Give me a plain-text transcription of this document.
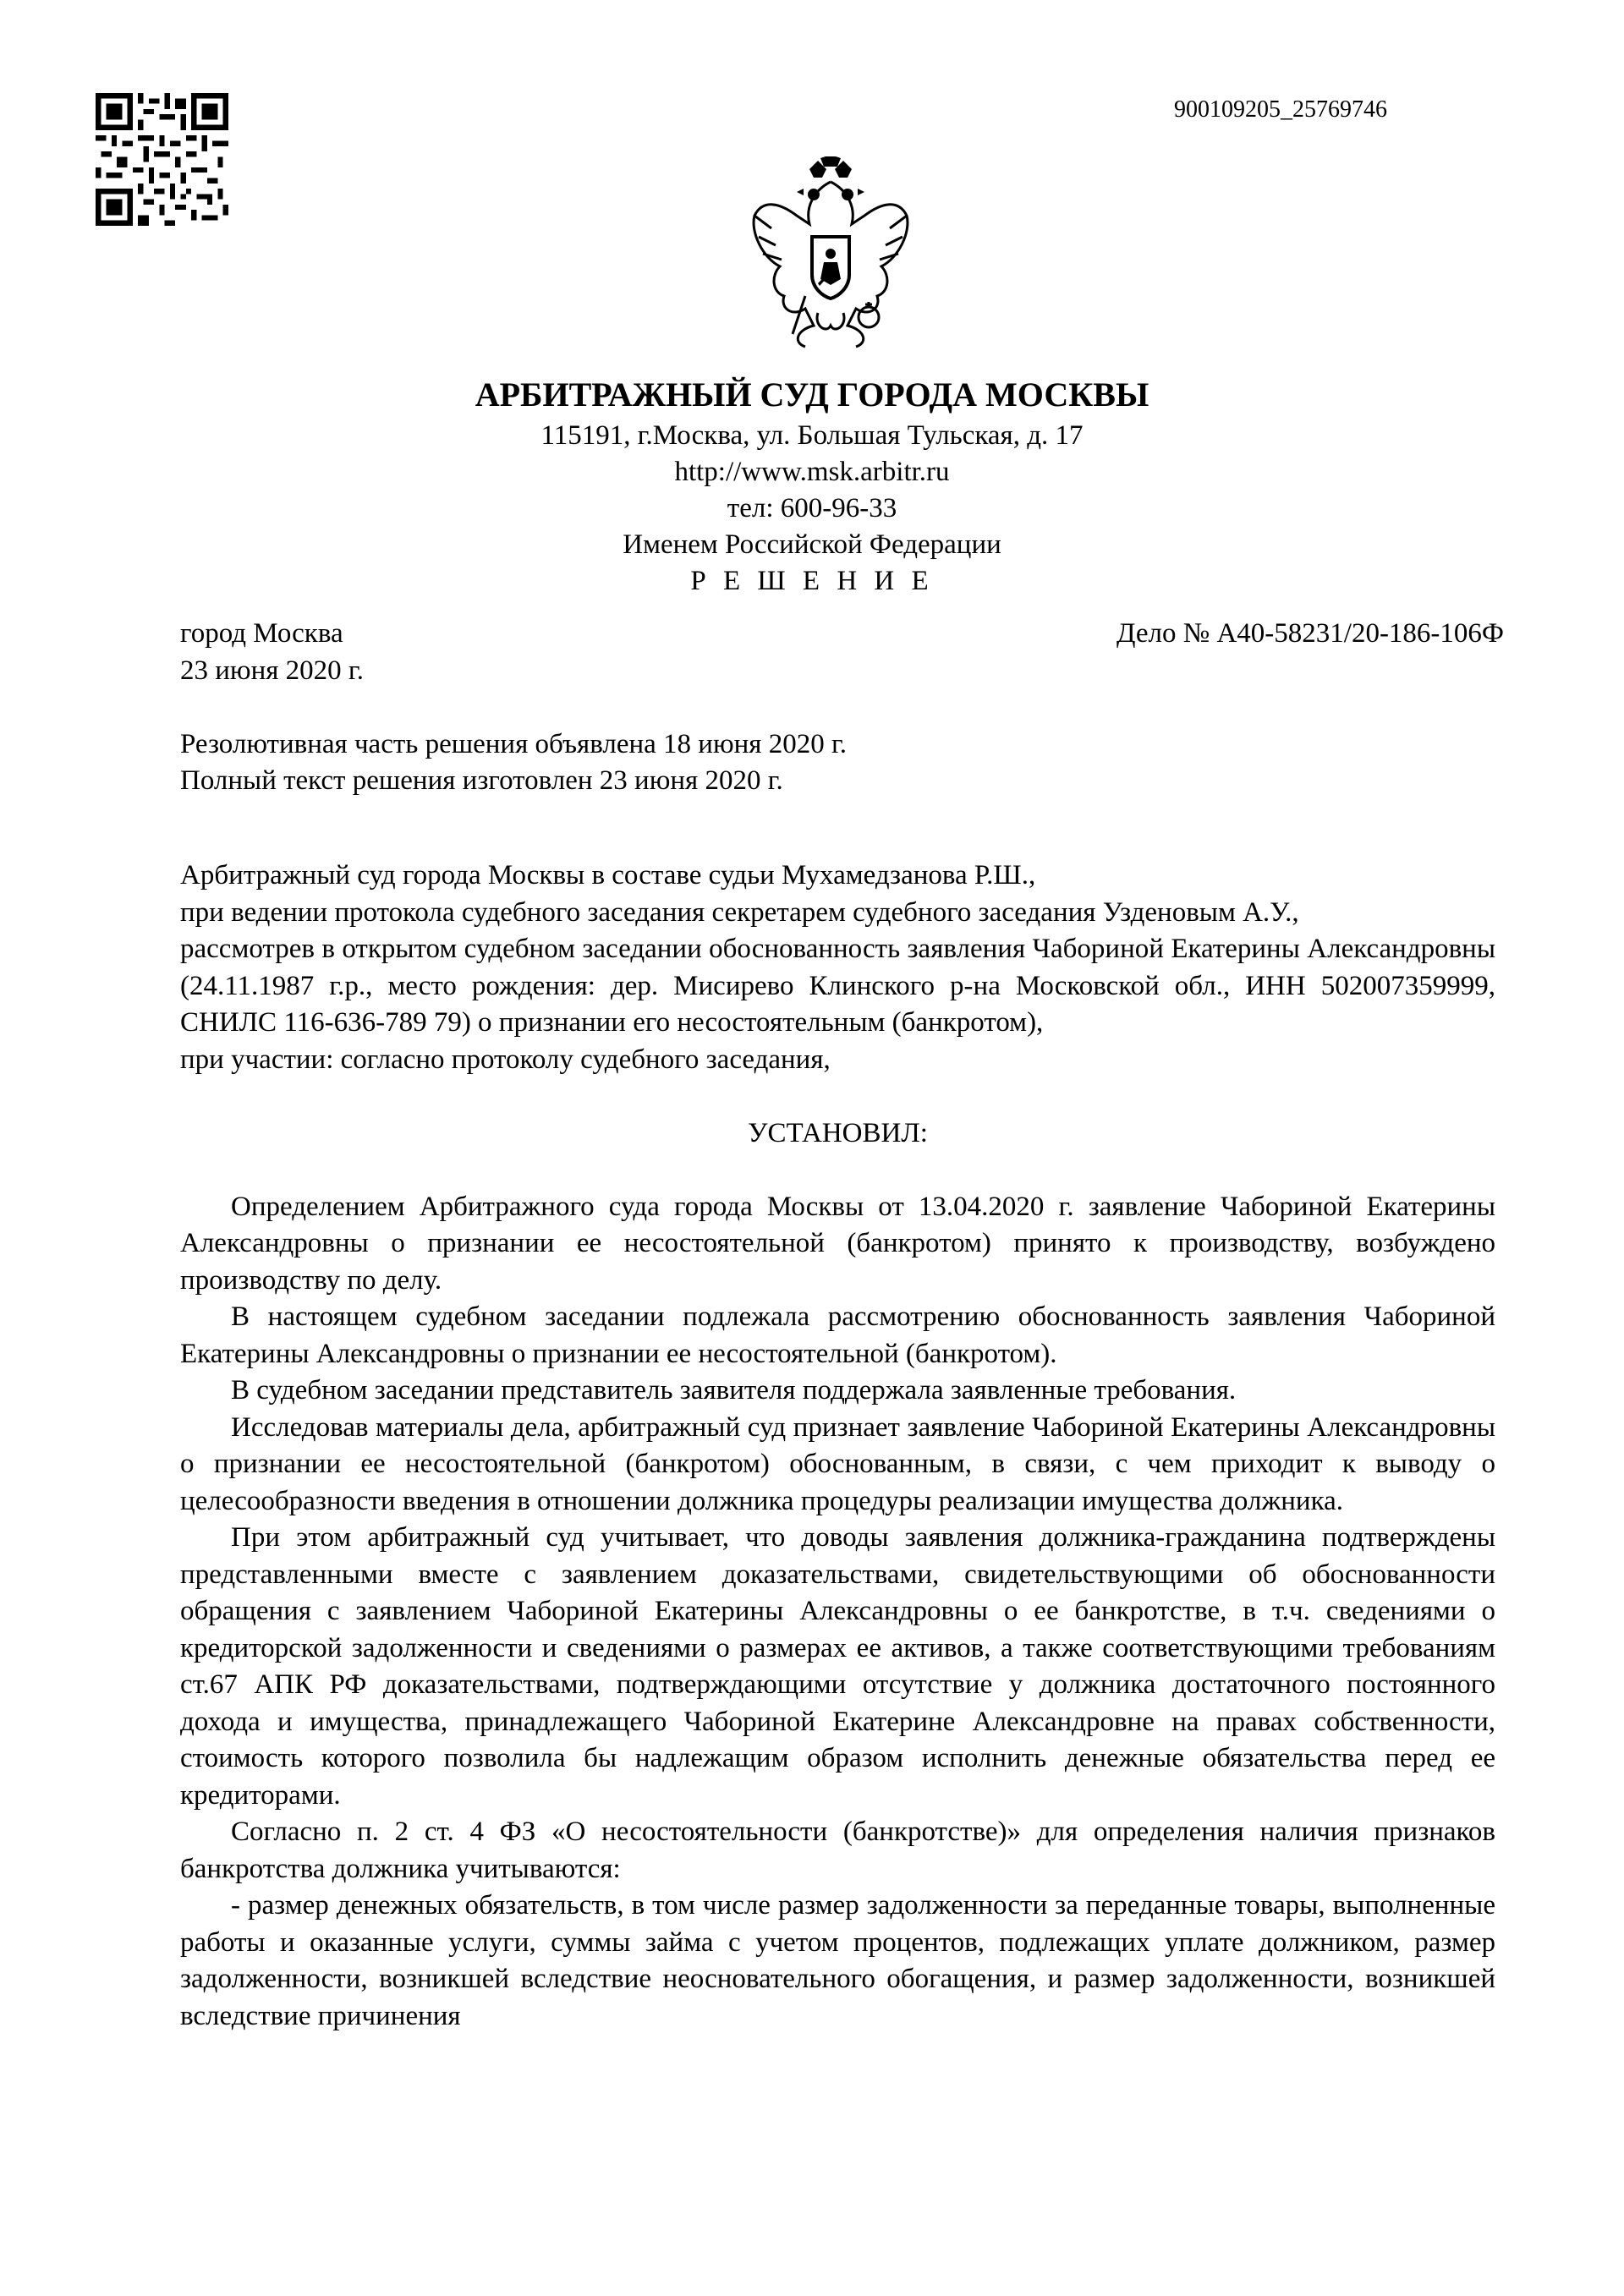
900109205_25769746
АРБИТРАЖНЫЙ СУД ГОРОДА МОСКВЫ
115191, г.Москва, ул. Большая Тульская, д. 17
http://www.msk.arbitr.ru
тел: 600-96-33
Именем Российской Федерации
Р Е Ш Е Н И Е
город Москва	Дело № А40-58231/20-186-106Ф
23 июня 2020 г.
Резолютивная часть решения объявлена 18 июня 2020 г.
Полный текст решения изготовлен 23 июня 2020 г.

Арбитражный суд города Москвы в составе судьи Мухамедзанова Р.Ш.,

при ведении протокола судебного заседания секретарем судебного заседания Узденовым А.У.,

рассмотрев в открытом судебном заседании обоснованность заявления Чабориной Екатерины Александровны (24.11.1987 г.р., место рождения: дер. Мисирево Клинского р-на Московской обл., ИНН 502007359999, СНИЛС 116-636-789 79) о признании его несостоятельным (банкротом),

при участии: согласно протоколу судебного заседания,

УСТАНОВИЛ:

Определением Арбитражного суда города Москвы от 13.04.2020 г. заявление Чабориной Екатерины Александровны о признании ее несостоятельной (банкротом) принято к производству, возбуждено производству по делу.

В настоящем судебном заседании подлежала рассмотрению обоснованность заявления Чабориной Екатерины Александровны о признании ее несостоятельной (банкротом).

В судебном заседании представитель заявителя поддержала заявленные требования.

Исследовав материалы дела, арбитражный суд признает заявление Чабориной Екатерины Александровны о признании ее несостоятельной (банкротом) обоснованным, в связи, с чем приходит к выводу о целесообразности введения в отношении должника процедуры реализации имущества должника.

При этом арбитражный суд учитывает, что доводы заявления должника-гражданина подтверждены представленными вместе с заявлением доказательствами, свидетельствующими об обоснованности обращения с заявлением Чабориной Екатерины Александровны о ее банкротстве, в т.ч. сведениями о кредиторской задолженности и сведениями о размерах ее активов, а также соответствующими требованиям ст.67 АПК РФ доказательствами, подтверждающими отсутствие у должника достаточного постоянного дохода и имущества, принадлежащего Чабориной Екатерине Александровне на правах собственности, стоимость которого позволила бы надлежащим образом исполнить денежные обязательства перед ее кредиторами.

Согласно п. 2 ст. 4 ФЗ «О несостоятельности (банкротстве)» для определения наличия признаков банкротства должника учитываются:

- размер денежных обязательств, в том числе размер задолженности за переданные товары, выполненные работы и оказанные услуги, суммы займа с учетом процентов, подлежащих уплате должником, размер задолженности, возникшей вследствие неосновательного обогащения, и размер задолженности, возникшей вследствие причинения
